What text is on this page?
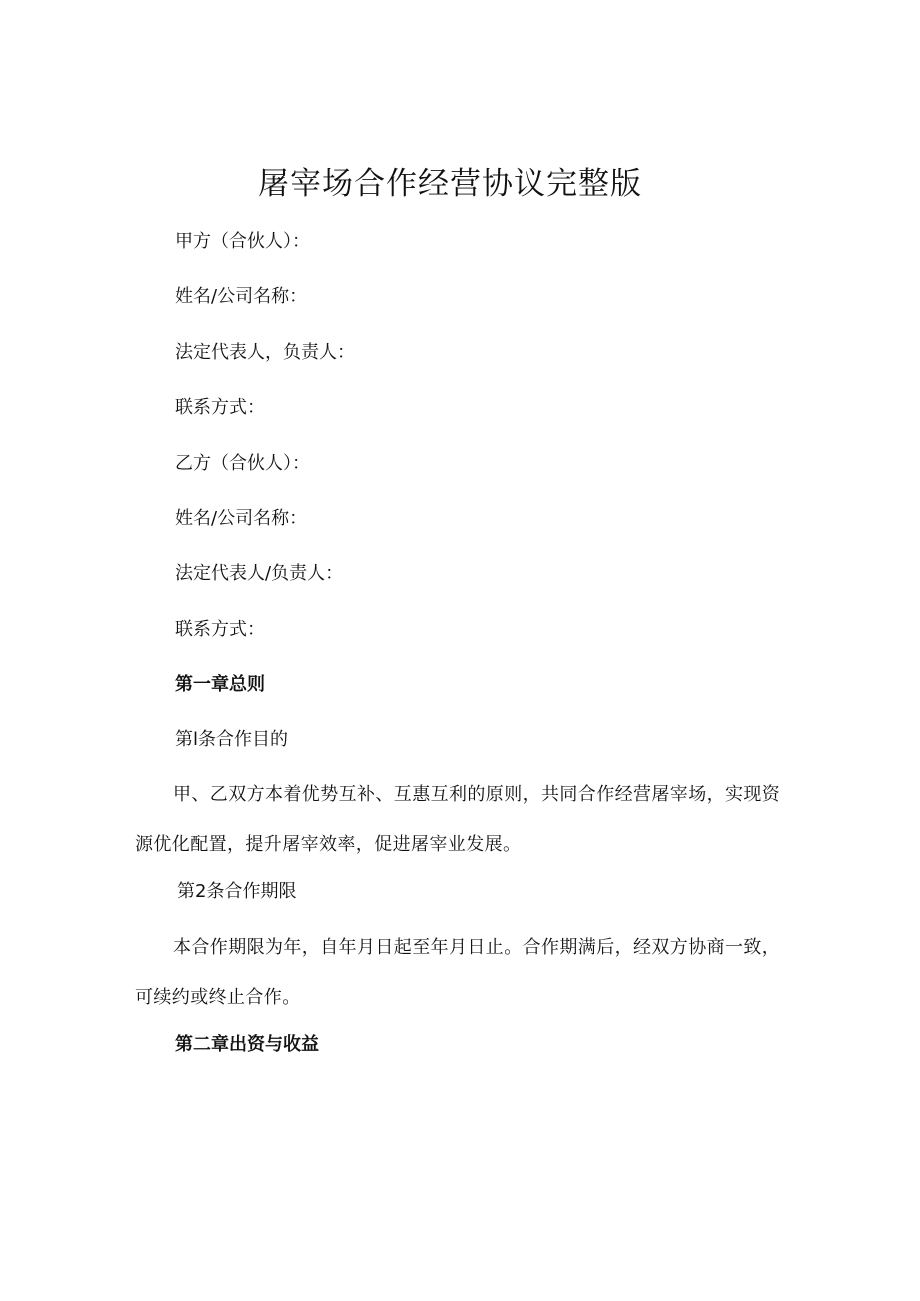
屠宰场合作经营协议完整版
甲方（合伙人）：
姓名/公司名称：
法定代表人，负责人：
联系方式：
乙方（合伙人）：
姓名/公司名称：
法定代表人/负责人：
联系方式：
第一章总则
第l条合作目的
甲、乙双方本着优势互补、互惠互利的原则，共同合作经营屠宰场，实现资源优化配置，提升屠宰效率，促进屠宰业发展。
第2条合作期限
本合作期限为年，自年月日起至年月日止。合作期满后，经双方协商一致，可续约或终止合作。
第二章出资与收益
